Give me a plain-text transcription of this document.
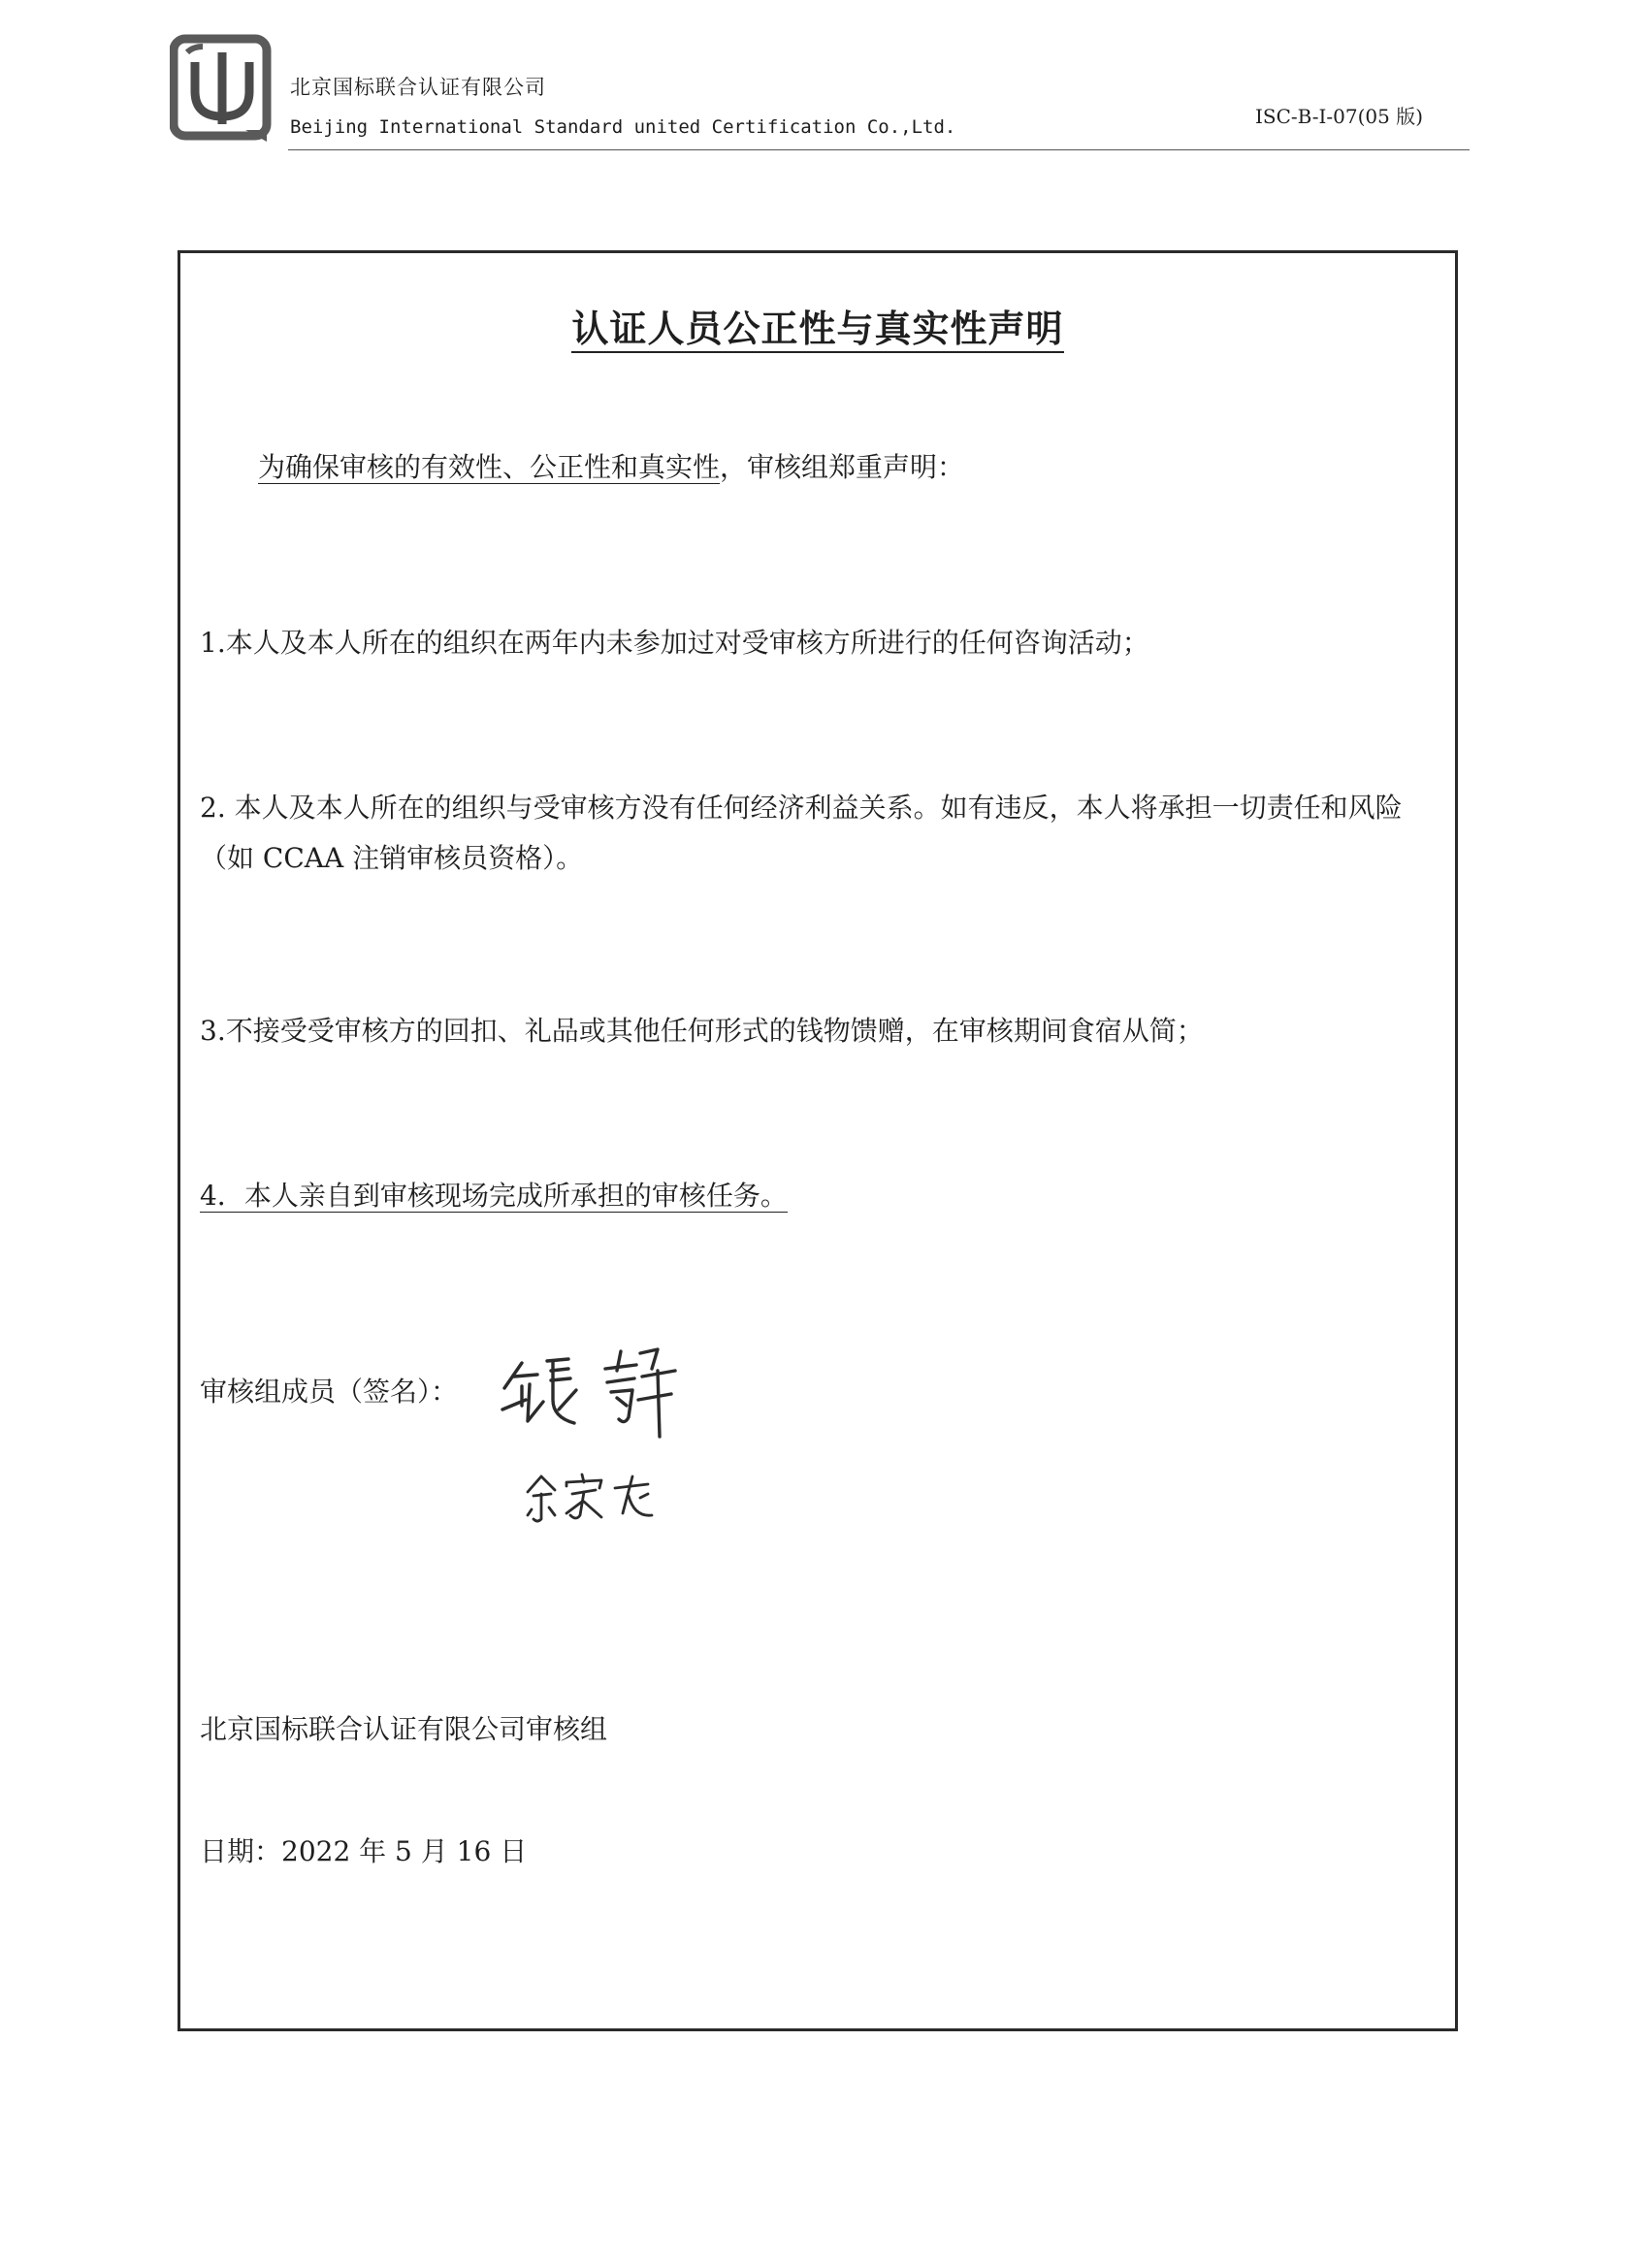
北京国标联合认证有限公司
Beijing International Standard united Certification Co.,Ltd.	ISC-B-I-07(05 版)
认证人员公正性与真实性声明

为确保审核的有效性、公正性和真实性，审核组郑重声明：

1.本人及本人所在的组织在两年内未参加过对受审核方所进行的任何咨询活动；

2. 本人及本人所在的组织与受审核方没有任何经济利益关系。如有违反，本人将承担一切责任和风险（如 CCAA 注销审核员资格）。

3.不接受受审核方的回扣、礼品或其他任何形式的钱物馈赠，在审核期间食宿从简；

4．本人亲自到审核现场完成所承担的审核任务。

审核组成员（签名）：

北京国标联合认证有限公司审核组

日期：2022 年 5 月 16 日
